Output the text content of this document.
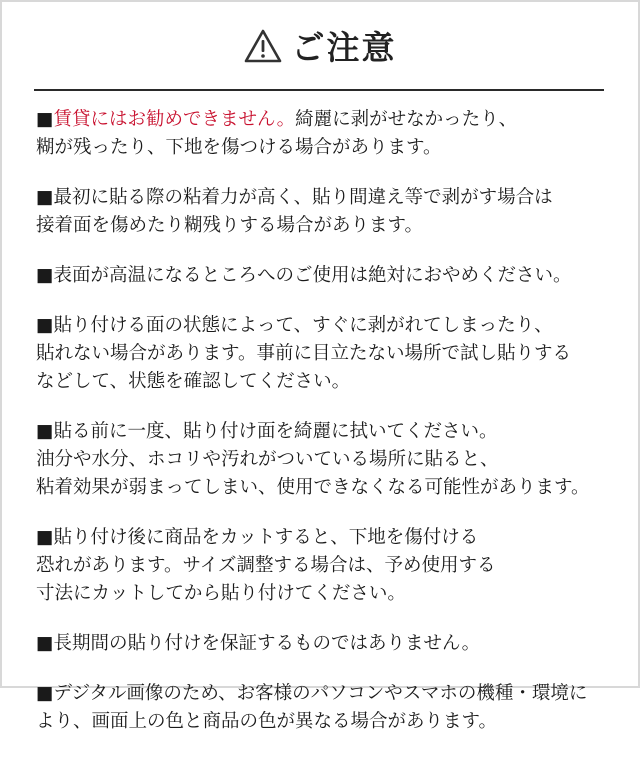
ご注意

■賃貸にはお勧めできません。綺麗に剥がせなかったり、
糊が残ったり、下地を傷つける場合があります。

■最初に貼る際の粘着力が高く、貼り間違え等で剥がす場合は
接着面を傷めたり糊残りする場合があります。

■表面が高温になるところへのご使用は絶対におやめください。

■貼り付ける面の状態によって、すぐに剥がれてしまったり、
貼れない場合があります。事前に目立たない場所で試し貼りする
などして、状態を確認してください。

■貼る前に一度、貼り付け面を綺麗に拭いてください。
油分や水分、ホコリや汚れがついている場所に貼ると、
粘着効果が弱まってしまい、使用できなくなる可能性があります。

■貼り付け後に商品をカットすると、下地を傷付ける
恐れがあります。サイズ調整する場合は、予め使用する
寸法にカットしてから貼り付けてください。

■長期間の貼り付けを保証するものではありません。

■デジタル画像のため、お客様のパソコンやスマホの機種・環境に
より、画面上の色と商品の色が異なる場合があります。
